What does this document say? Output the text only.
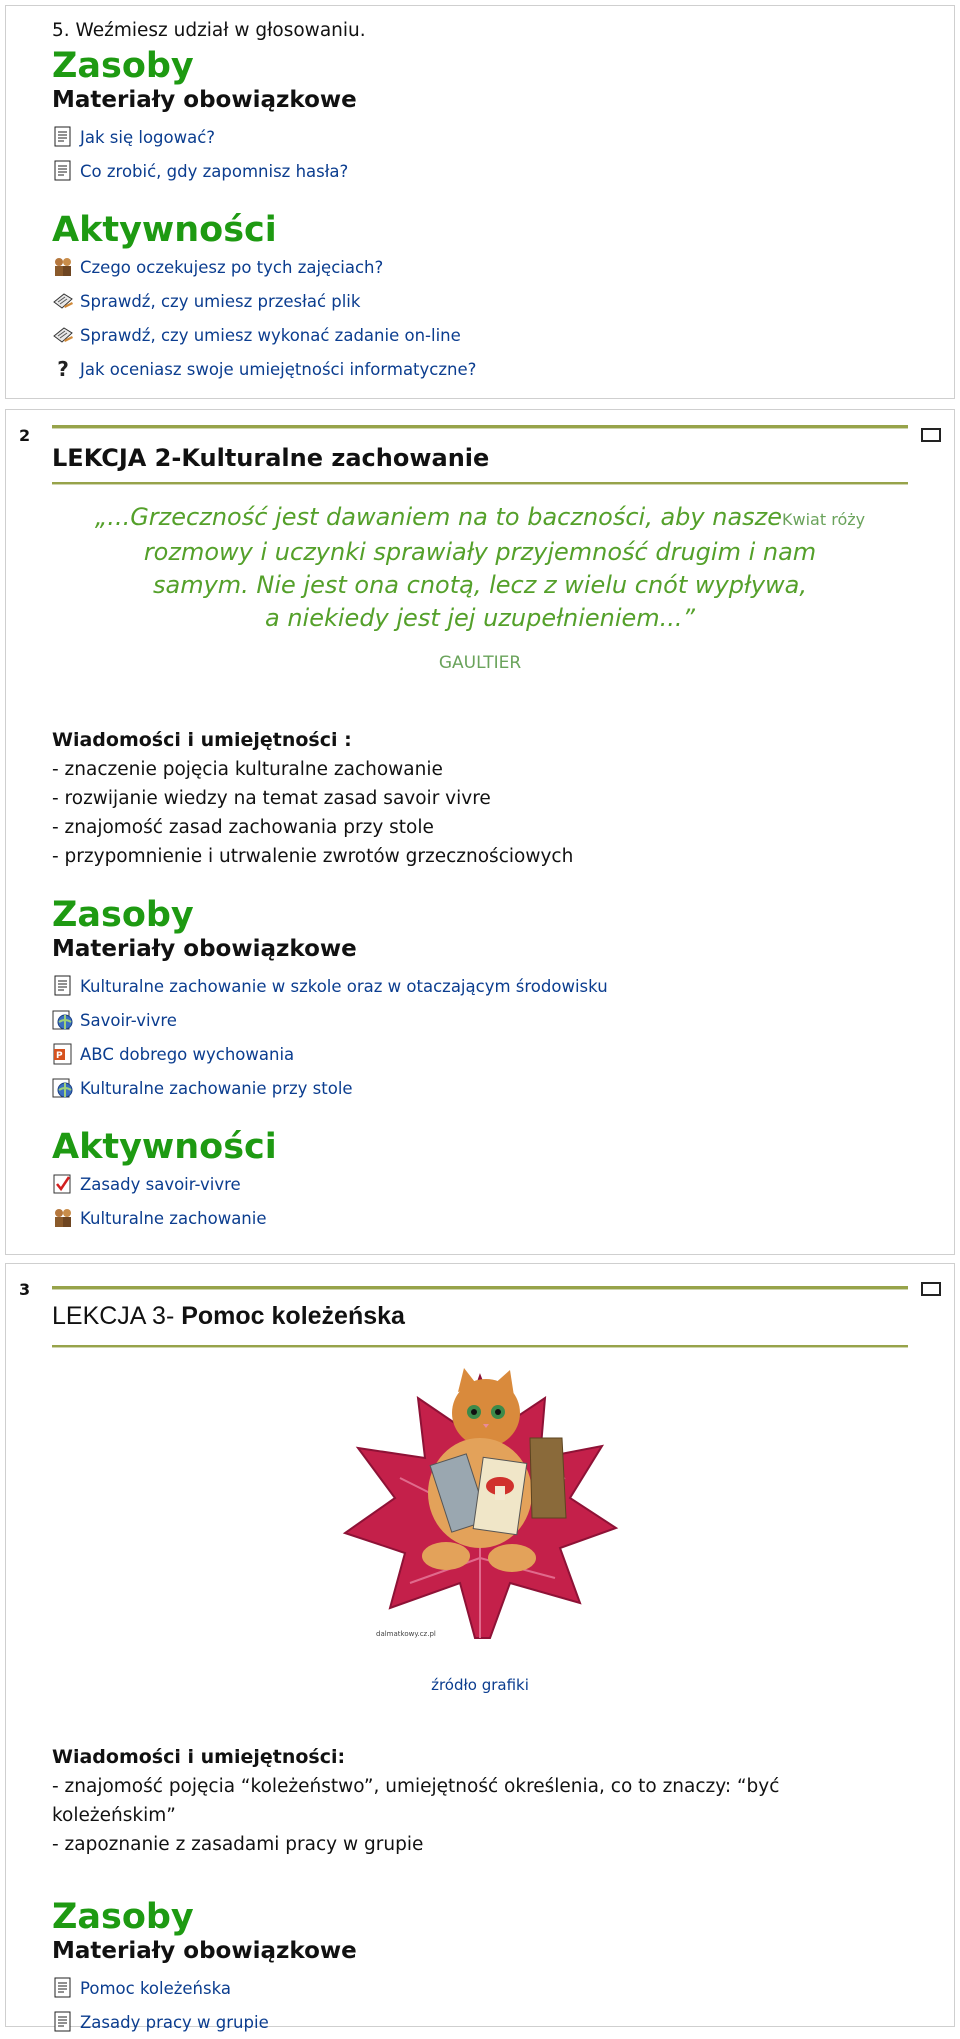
5. Weźmiesz udział w głosowaniu.
Zasoby
Materiały obowiązkowe
Jak się logować?
Co zrobić, gdy zapomnisz hasła?
Aktywności
Czego oczekujesz po tych zajęciach?
Sprawdź, czy umiesz przesłać plik
Sprawdź, czy umiesz wykonać zadanie on-line
? Jak oceniasz swoje umiejętności informatyczne?
2
LEKCJA 2-Kulturalne zachowanie
„...Grzeczność jest dawaniem na to baczności, aby naszeKwiat róży
rozmowy i uczynki sprawiały przyjemność drugim i nam
samym. Nie jest ona cnotą, lecz z wielu cnót wypływa,
a niekiedy jest jej uzupełnieniem...”
GAULTIER
Wiadomości i umiejętności :
- znaczenie pojęcia kulturalne zachowanie
- rozwijanie wiedzy na temat zasad savoir vivre
- znajomość zasad zachowania przy stole
- przypomnienie i utrwalenie zwrotów grzecznościowych
Zasoby
Materiały obowiązkowe
Kulturalne zachowanie w szkole oraz w otaczającym środowisku
Savoir-vivre
P ABC dobrego wychowania
Kulturalne zachowanie przy stole
Aktywności
Zasady savoir-vivre
Kulturalne zachowanie
3
LEKCJA 3- Pomoc koleżeńska
dalmatkowy.cz.pl
źródło grafiki
Wiadomości i umiejętności:
- znajomość pojęcia “koleżeństwo”, umiejętność określenia, co to znaczy: “być
koleżeńskim”
- zapoznanie z zasadami pracy w grupie
Zasoby
Materiały obowiązkowe
Pomoc koleżeńska
Zasady pracy w grupie
